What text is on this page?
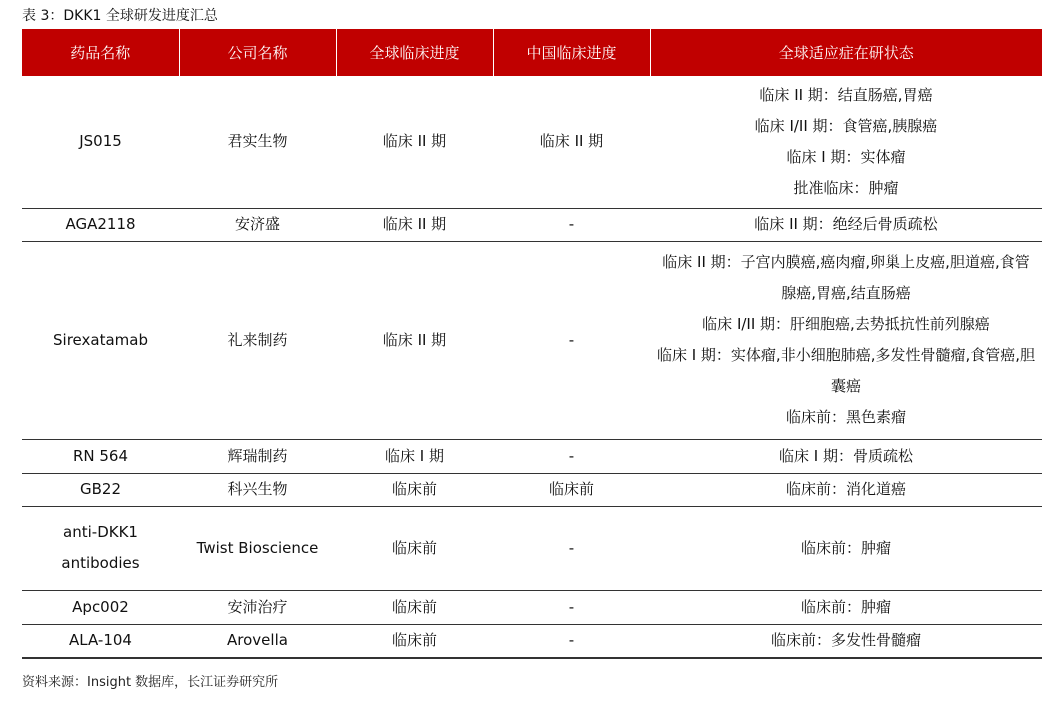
表 3：DKK1 全球研发进度汇总
药品名称	公司名称	全球临床进度	中国临床进度	全球适应症在研状态
JS015	君实生物	临床 II 期	临床 II 期	临床 II 期：结直肠癌,胃癌
临床 I/II 期：食管癌,胰腺癌
临床 I 期：实体瘤
批准临床：肿瘤

AGA2118	安济盛	临床 II 期	-	临床 II 期：绝经后骨质疏松

Sirexatamab	礼来制药	临床 II 期	-	临床 II 期：子宫内膜癌,癌肉瘤,卵巢上皮癌,胆道癌,食管腺癌,胃癌,结直肠癌
临床 I/II 期：肝细胞癌,去势抵抗性前列腺癌
临床 I 期：实体瘤,非小细胞肺癌,多发性骨髓瘤,食管癌,胆囊癌
临床前：黑色素瘤

RN 564	辉瑞制药	临床 I 期	-	临床 I 期：骨质疏松

GB22	科兴生物	临床前	临床前	临床前：消化道癌

anti-DKK1 antibodies	Twist Bioscience	临床前	-	临床前：肿瘤

Apc002	安沛治疗	临床前	-	临床前：肿瘤

ALA-104	Arovella	临床前	-	临床前：多发性骨髓瘤
资料来源：Insight 数据库，长江证券研究所
